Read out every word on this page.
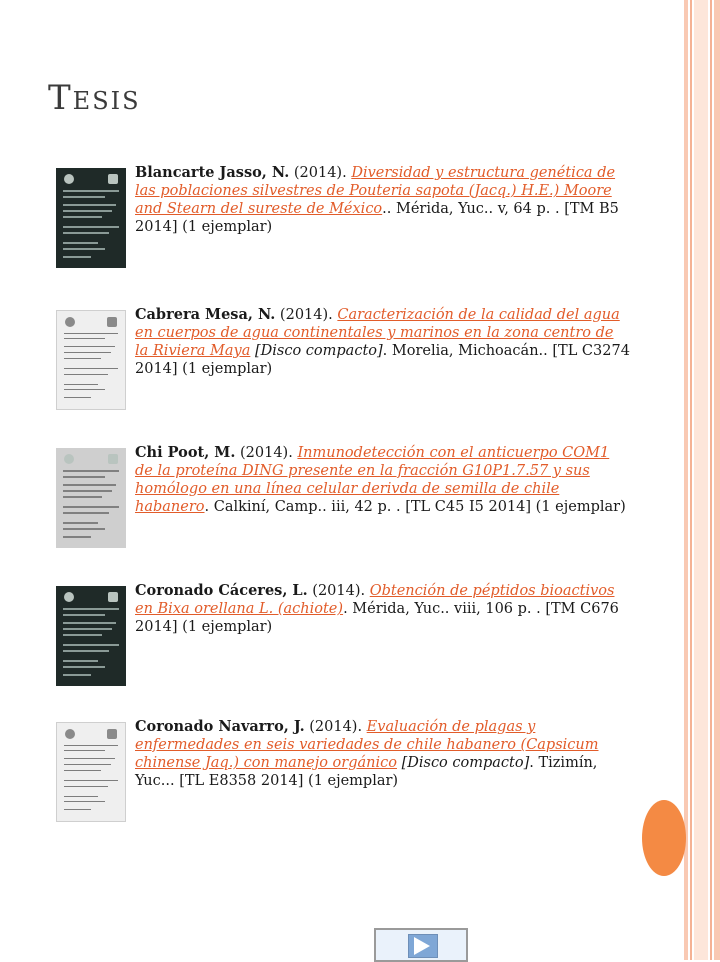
Tesis
Blancarte Jasso, N. (2014). Diversidad y estructura genética de las poblaciones silvestres de Pouteria sapota (Jacq.) H.E.) Moore and Stearn del sureste de México.. Mérida, Yuc.. v, 64 p. . [TM B5 2014] (1 ejemplar)
Cabrera Mesa, N. (2014). Caracterización de la calidad del agua en cuerpos de agua continentales y marinos en la zona centro de la Riviera Maya [Disco compacto]. Morelia, Michoacán.. [TL C3274 2014] (1 ejemplar)
Chi Poot, M. (2014). Inmunodetección con el anticuerpo COM1 de la proteína DING presente en la fracción G10P1.7.57 y sus homólogo en una línea celular derivda de semilla de chile habanero. Calkiní, Camp.. iii, 42 p. . [TL C45 I5 2014] (1 ejemplar)
Coronado Cáceres, L. (2014). Obtención de péptidos bioactivos en Bixa orellana L. (achiote). Mérida, Yuc.. viii, 106 p. . [TM C676 2014] (1 ejemplar)
Coronado Navarro, J. (2014). Evaluación de plagas y enfermedades en seis variedades de chile habanero (Capsicum chinense Jaq.) con manejo orgánico [Disco compacto]. Tizimín, Yuc... [TL E8358 2014] (1 ejemplar)
